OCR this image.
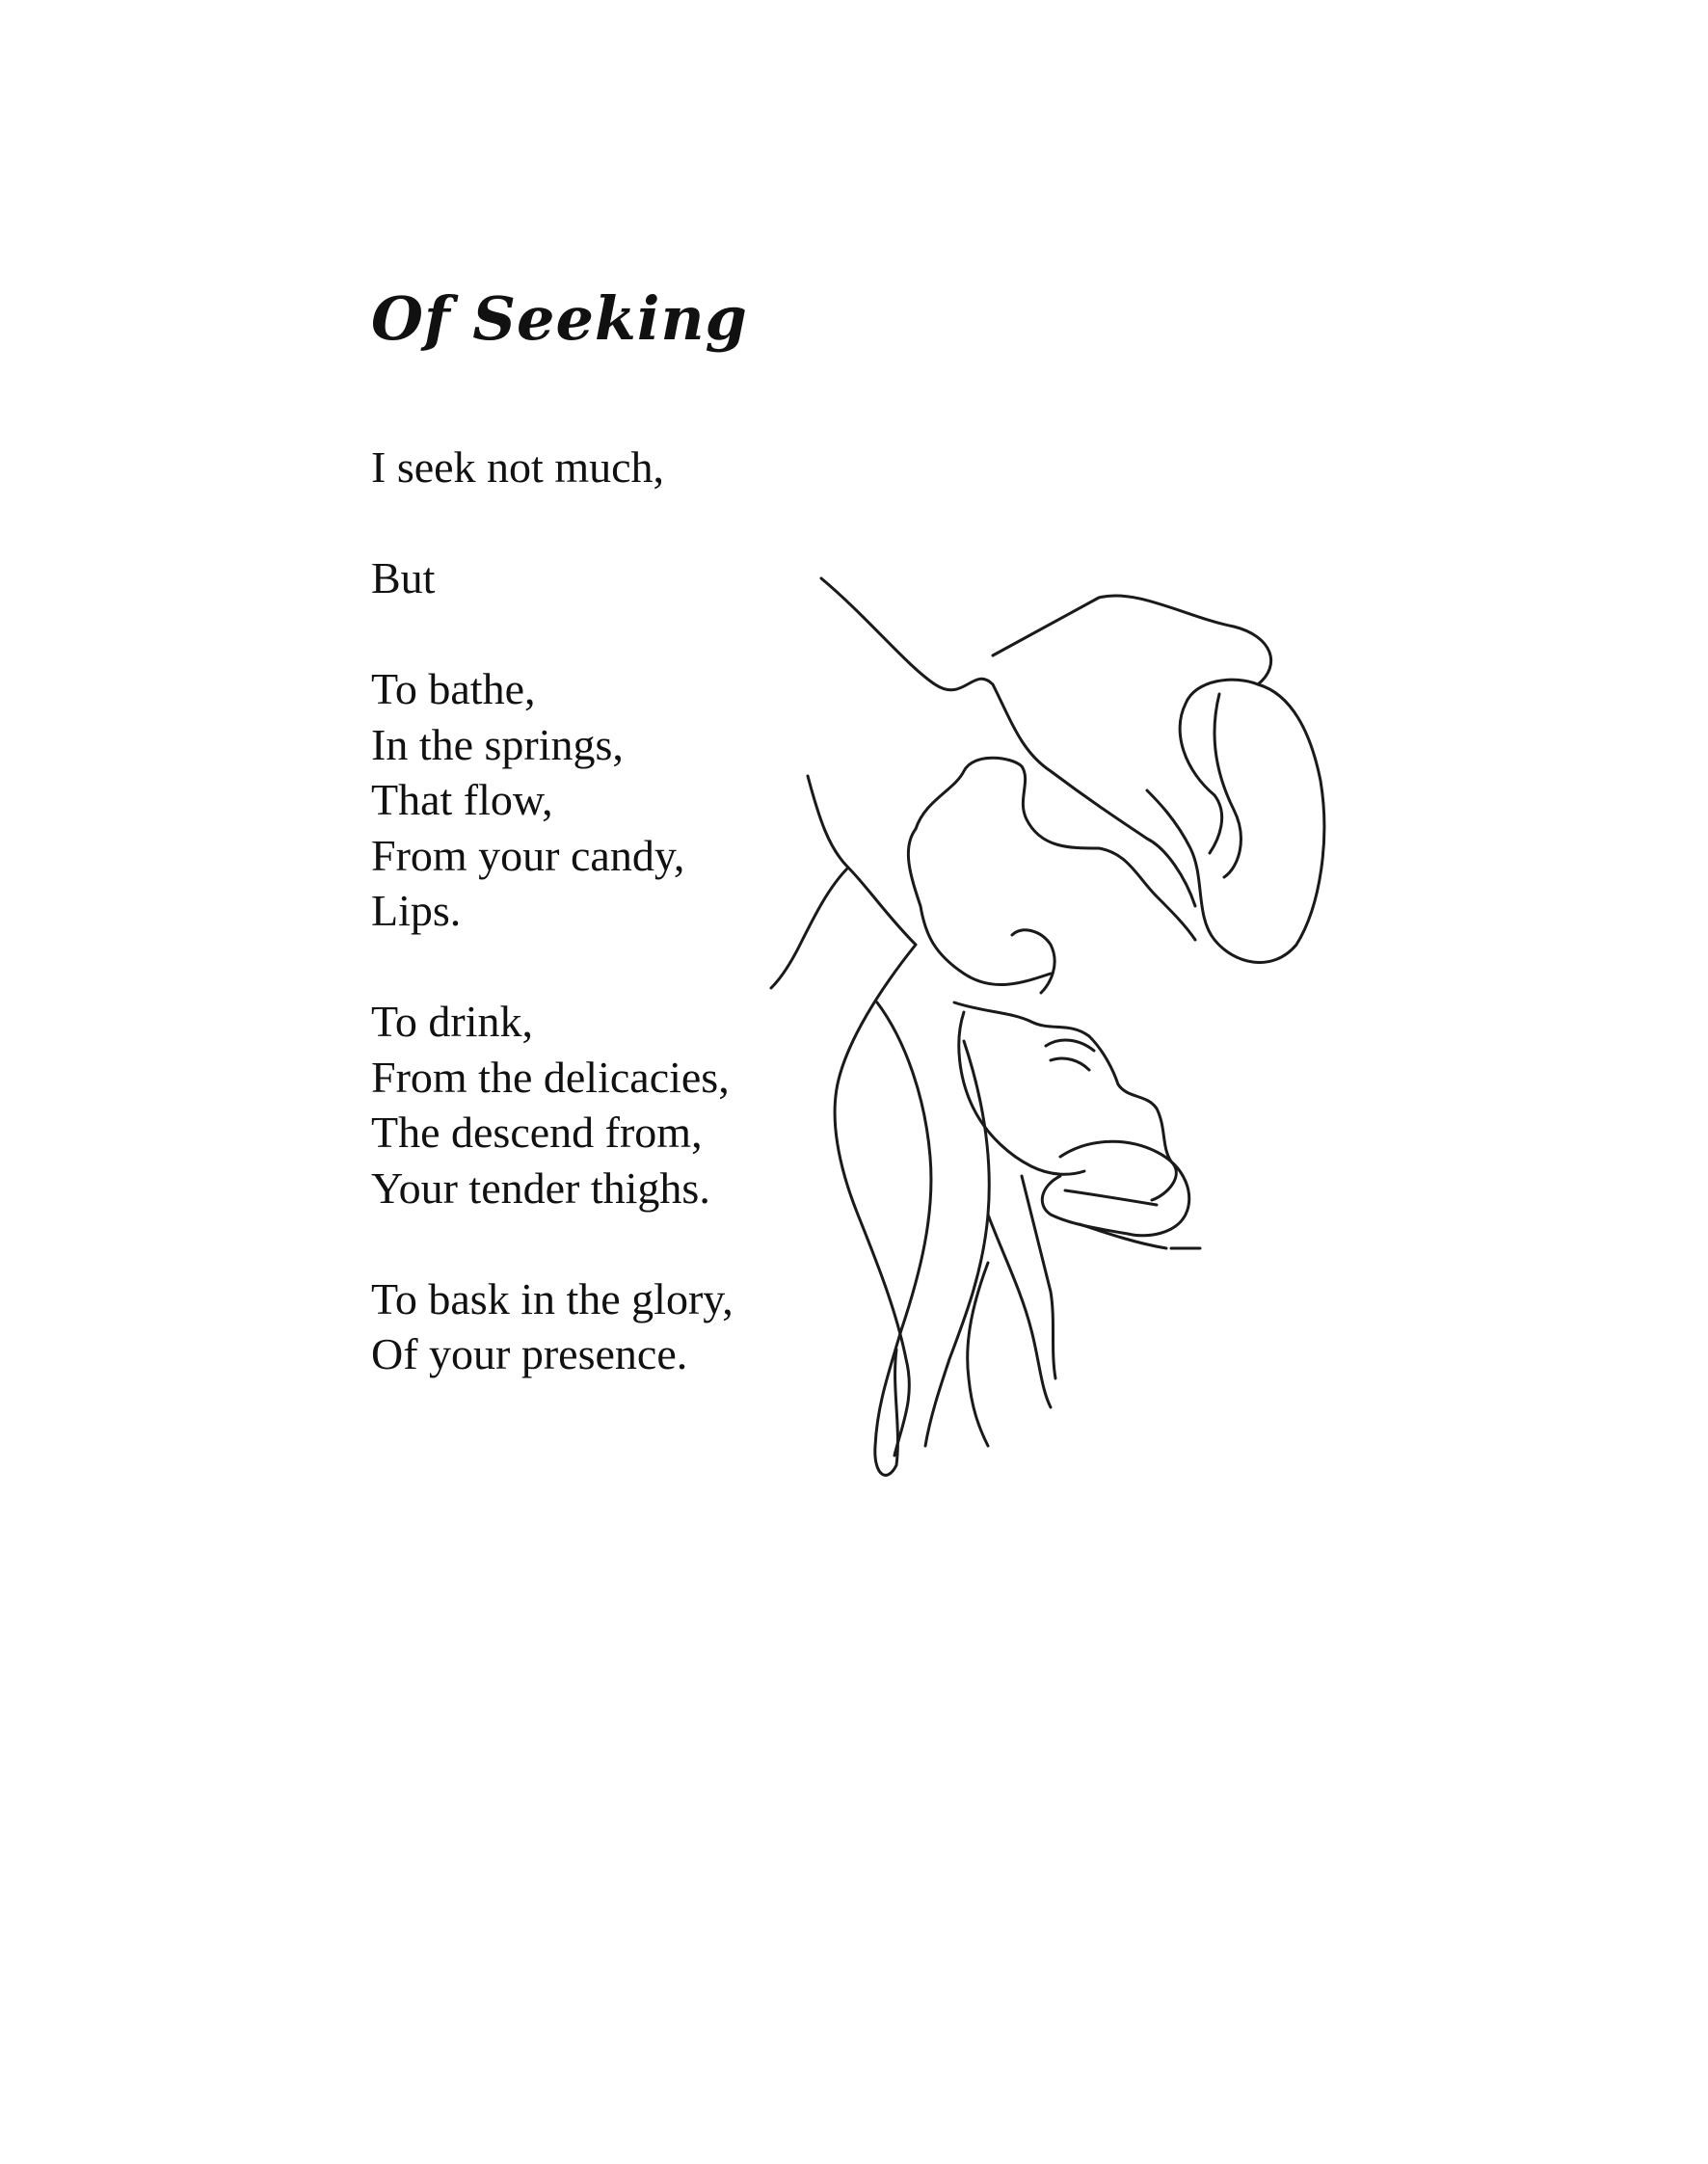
Of Seeking
I seek not much,
But
To bathe,
In the springs,
That flow,
From your candy,
Lips.
To drink,
From the delicacies,
The descend from,
Your tender thighs.
To bask in the glory,
Of your presence.
